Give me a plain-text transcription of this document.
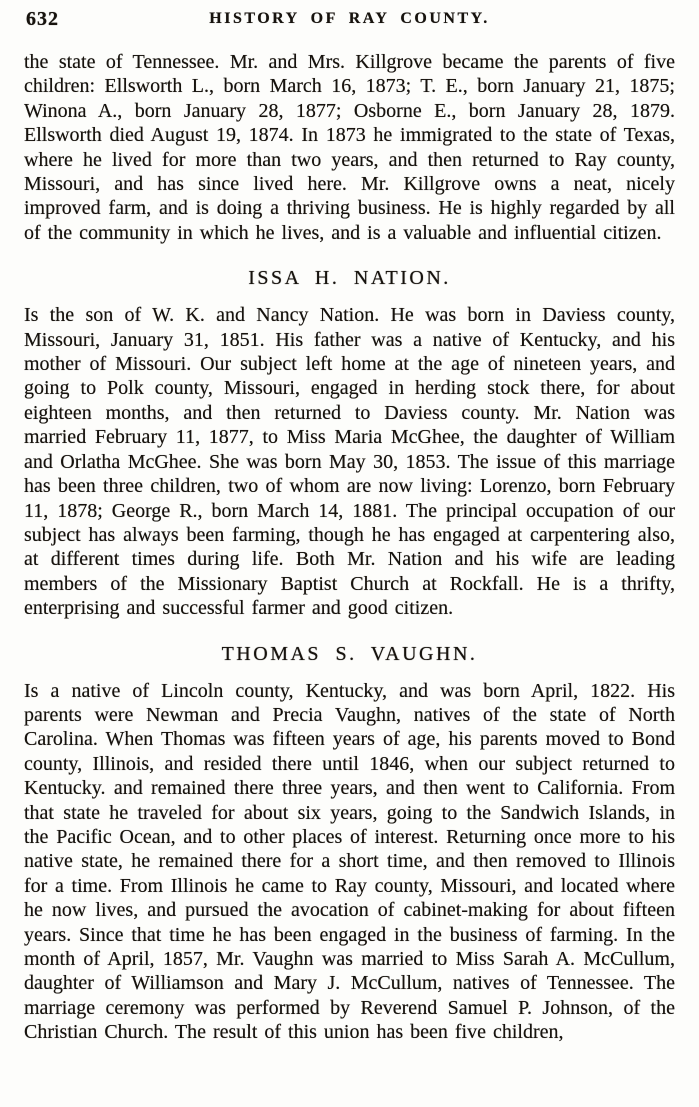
632	HISTORY OF RAY COUNTY.

the state of Tennessee. Mr. and Mrs. Killgrove became the parents of five children: Ellsworth L., born March 16, 1873; T. E., born January 21, 1875; Winona A., born January 28, 1877; Osborne E., born January 28, 1879. Ellsworth died August 19, 1874. In 1873 he immigrated to the state of Texas, where he lived for more than two years, and then returned to Ray county, Missouri, and has since lived here. Mr. Killgrove owns a neat, nicely improved farm, and is doing a thriving business. He is highly regarded by all of the community in which he lives, and is a valuable and influential citizen.

ISSA H. NATION.

Is the son of W. K. and Nancy Nation. He was born in Daviess county, Missouri, January 31, 1851. His father was a native of Kentucky, and his mother of Missouri. Our subject left home at the age of nineteen years, and going to Polk county, Missouri, engaged in herding stock there, for about eighteen months, and then returned to Daviess county. Mr. Nation was married February 11, 1877, to Miss Maria McGhee, the daughter of William and Orlatha McGhee. She was born May 30, 1853. The issue of this marriage has been three children, two of whom are now living: Lorenzo, born February 11, 1878; George R., born March 14, 1881. The principal occupation of our subject has always been farming, though he has engaged at carpentering also, at different times during life. Both Mr. Nation and his wife are leading members of the Missionary Baptist Church at Rockfall. He is a thrifty, enterprising and successful farmer and good citizen.

THOMAS S. VAUGHN.

Is a native of Lincoln county, Kentucky, and was born April, 1822. His parents were Newman and Precia Vaughn, natives of the state of North Carolina. When Thomas was fifteen years of age, his parents moved to Bond county, Illinois, and resided there until 1846, when our subject returned to Kentucky. and remained there three years, and then went to California. From that state he traveled for about six years, going to the Sandwich Islands, in the Pacific Ocean, and to other places of interest. Returning once more to his native state, he remained there for a short time, and then removed to Illinois for a time. From Illinois he came to Ray county, Missouri, and located where he now lives, and pursued the avocation of cabinet-making for about fifteen years. Since that time he has been engaged in the business of farming. In the month of April, 1857, Mr. Vaughn was married to Miss Sarah A. McCullum, daughter of Williamson and Mary J. McCullum, natives of Tennessee. The marriage ceremony was performed by Reverend Samuel P. Johnson, of the Christian Church. The result of this union has been five children,
